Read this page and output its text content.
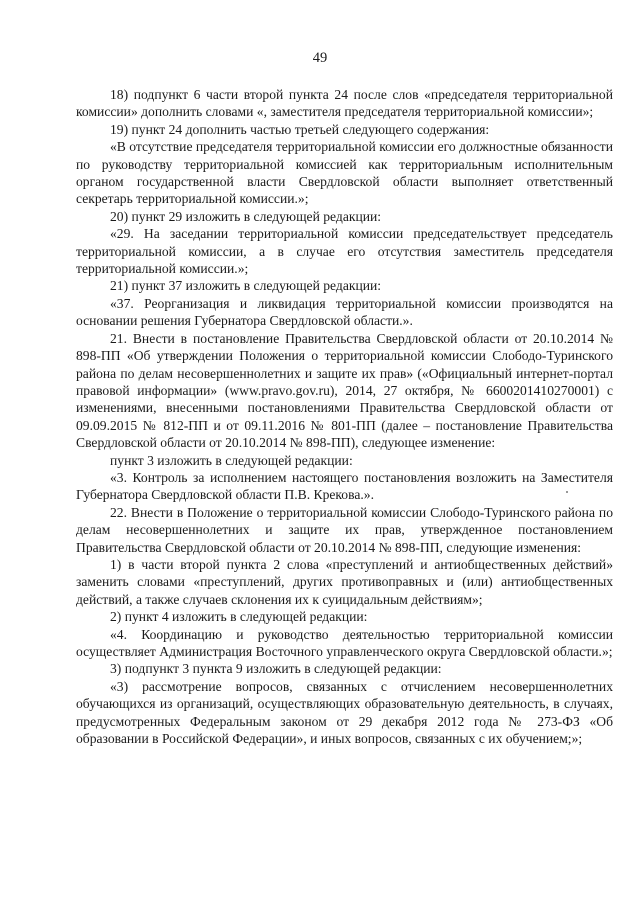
49

18) подпункт 6 части второй пункта 24 после слов «председателя территориальной комиссии» дополнить словами «, заместителя председателя территориальной комиссии»;

19) пункт 24 дополнить частью третьей следующего содержания:

«В отсутствие председателя территориальной комиссии его должностные обязанности по руководству территориальной комиссией как территориальным исполнительным органом государственной власти Свердловской области выполняет ответственный секретарь территориальной комиссии.»;

20) пункт 29 изложить в следующей редакции:

«29. На заседании территориальной комиссии председательствует председатель территориальной комиссии, а в случае его отсутствия заместитель председателя территориальной комиссии.»;

21) пункт 37 изложить в следующей редакции:

«37. Реорганизация и ликвидация территориальной комиссии производятся на основании решения Губернатора Свердловской области.».

21. Внести в постановление Правительства Свердловской области от 20.10.2014 № 898-ПП «Об утверждении Положения о территориальной комиссии Слободо-Туринского района по делам несовершеннолетних и защите их прав» («Официальный интернет-портал правовой информации» (www.pravo.gov.ru), 2014, 27 октября, № 6600201410270001) с изменениями, внесенными постановлениями Правительства Свердловской области от 09.09.2015 № 812-ПП и от 09.11.2016 № 801-ПП (далее – постановление Правительства Свердловской области от 20.10.2014 № 898-ПП), следующее изменение:

пункт 3 изложить в следующей редакции:

«3. Контроль за исполнением настоящего постановления возложить на Заместителя Губернатора Свердловской области П.В. Крекова.».

22. Внести в Положение о территориальной комиссии Слободо-Туринского района по делам несовершеннолетних и защите их прав, утвержденное постановлением Правительства Свердловской области от 20.10.2014 № 898-ПП, следующие изменения:

1) в части второй пункта 2 слова «преступлений и антиобщественных действий» заменить словами «преступлений, других противоправных и (или) антиобщественных действий, а также случаев склонения их к суицидальным действиям»;

2) пункт 4 изложить в следующей редакции:

«4. Координацию и руководство деятельностью территориальной комиссии осуществляет Администрация Восточного управленческого округа Свердловской области.»;

3) подпункт 3 пункта 9 изложить в следующей редакции:

«3) рассмотрение вопросов, связанных с отчислением несовершеннолетних обучающихся из организаций, осуществляющих образовательную деятельность, в случаях, предусмотренных Федеральным законом от 29 декабря 2012 года № 273-ФЗ «Об образовании в Российской Федерации», и иных вопросов, связанных с их обучением;»;
